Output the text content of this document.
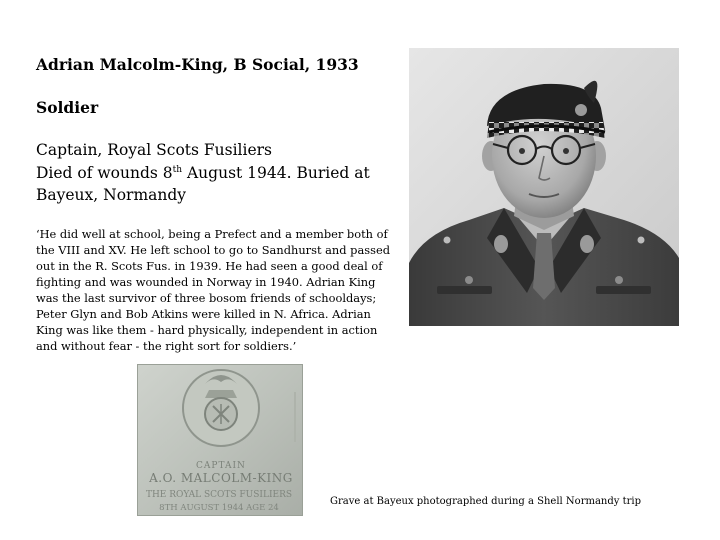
Adrian Malcolm-King, B Social, 1933
Soldier

Captain, Royal Scots Fusiliers

Died of wounds 8th August 1944. Buried at
Bayeux, Normandy

‘He did well at school, being a Prefect and a member both of the VIII and XV. He left school to go to Sandhurst and passed out in the R. Scots Fus. in 1939. He had seen a good deal of fighting and was wounded in Norway in 1940. Adrian King was the last survivor of three bosom friends of schooldays; Peter Glyn and Bob Atkins were killed in N. Africa. Adrian King was like them - hard physically, independent in action and without fear - the right sort for soldiers.’

CAPTAIN
A.O. MALCOLM-KING
THE ROYAL SCOTS FUSILIERS
8TH AUGUST 1944 AGE 24

Grave at Bayeux photographed during a Shell Normandy trip
